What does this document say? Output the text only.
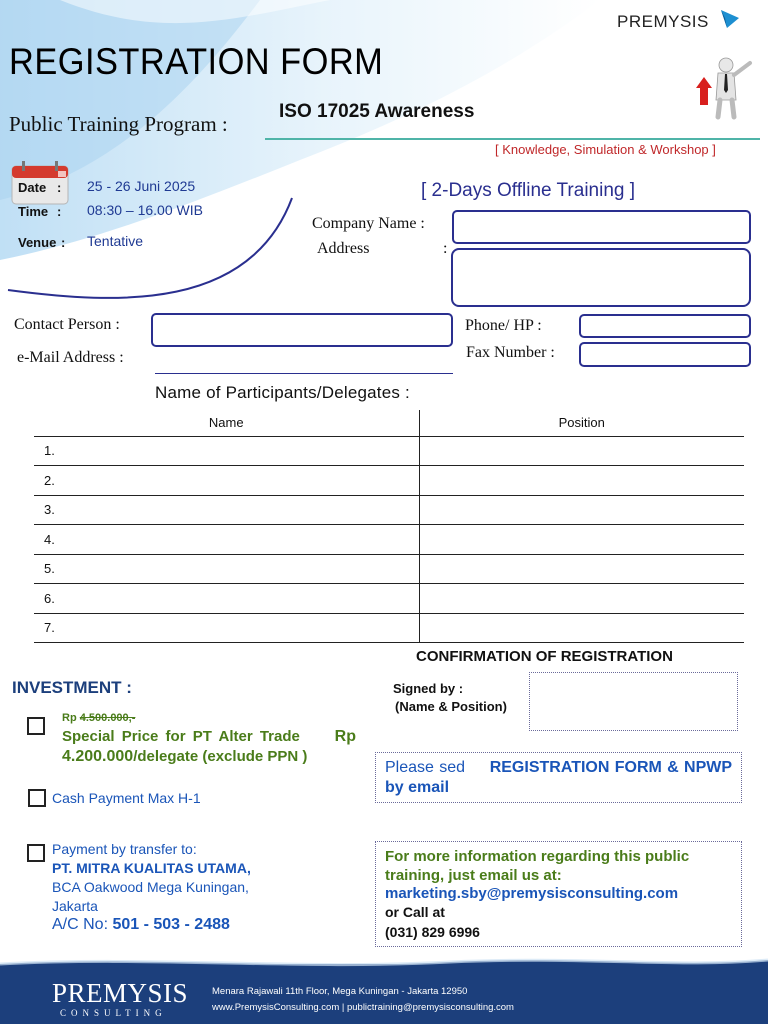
PREMYSIS
REGISTRATION FORM
Public Training Program :
ISO 17025 Awareness
[ Knowledge, Simulation & Workshop ]
[ 2-Days Offline Training ]
Date : 25 - 26 Juni 2025
Time : 08:30 – 16.00 WIB
Venue : Tentative
Company Name :
Address	:
Contact Person :
e-Mail Address :
Phone/ HP :
Fax Number :
Name of Participants/Delegates :
Name	Position
1.	
2.	
3.	
4.	
5.	
6.	
7.	
CONFIRMATION OF REGISTRATION
Signed by :
(Name & Position)
Please sed REGISTRATION FORM & NPWP by email
INVESTMENT :
Rp 4.500.000,-
Special Price for PT Alter Trade Rp
4.200.000/delegate (exclude PPN )
Cash Payment Max H-1
Payment by transfer to:
PT. MITRA KUALITAS UTAMA,
BCA Oakwood Mega Kuningan,
Jakarta
A/C No: 501 - 503 - 2488
For more information regarding this public
training, just email us at:
marketing.sby@premysisconsulting.com
or Call at
(031) 829 6996
PREMYSIS
CONSULTING
Menara Rajawali 11th Floor, Mega Kuningan - Jakarta 12950
www.PremysisConsulting.com | publictraining@premysisconsulting.com
